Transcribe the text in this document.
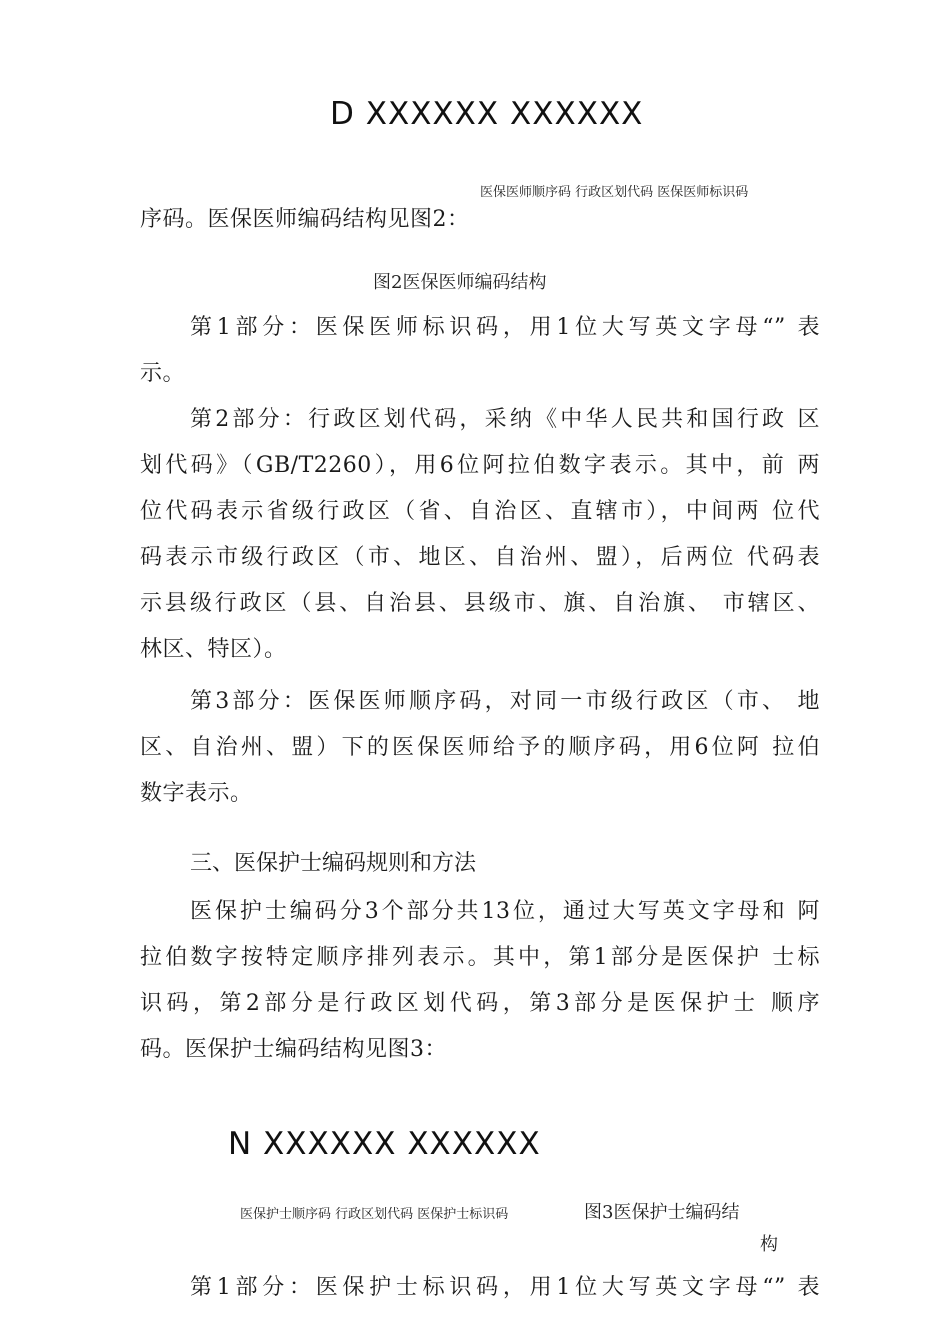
D XXXXXX XXXXXX
医保医师顺序码 行政区划代码 医保医师标识码
序码。医保医师编码结构见图2：
图2医保医师编码结构
第1部分：医保医师标识码，用1位大写英文字母“” 表
示。
第2部分：行政区划代码，采纳《中华人民共和国行政 区
划代码》（GB/T2260），用6位阿拉伯数字表示。其中，前 两
位代码表示省级行政区（省、自治区、直辖市），中间两 位代
码表示市级行政区（市、地区、自治州、盟），后两位 代码表
示县级行政区（县、自治县、县级市、旗、自治旗、 市辖区、
林区、特区）。
第3部分：医保医师顺序码，对同一市级行政区（市、 地
区、自治州、盟）下的医保医师给予的顺序码，用6位阿 拉伯
数字表示。
三、医保护士编码规则和方法
医保护士编码分3个部分共13位，通过大写英文字母和 阿
拉伯数字按特定顺序排列表示。其中，第1部分是医保护 士标
识码，第2部分是行政区划代码，第3部分是医保护士 顺序
码。医保护士编码结构见图3：
N XXXXXX XXXXXX
医保护士顺序码 行政区划代码 医保护士标识码	图3医保护士编码结
构
第1部分：医保护士标识码，用1位大写英文字母“” 表
